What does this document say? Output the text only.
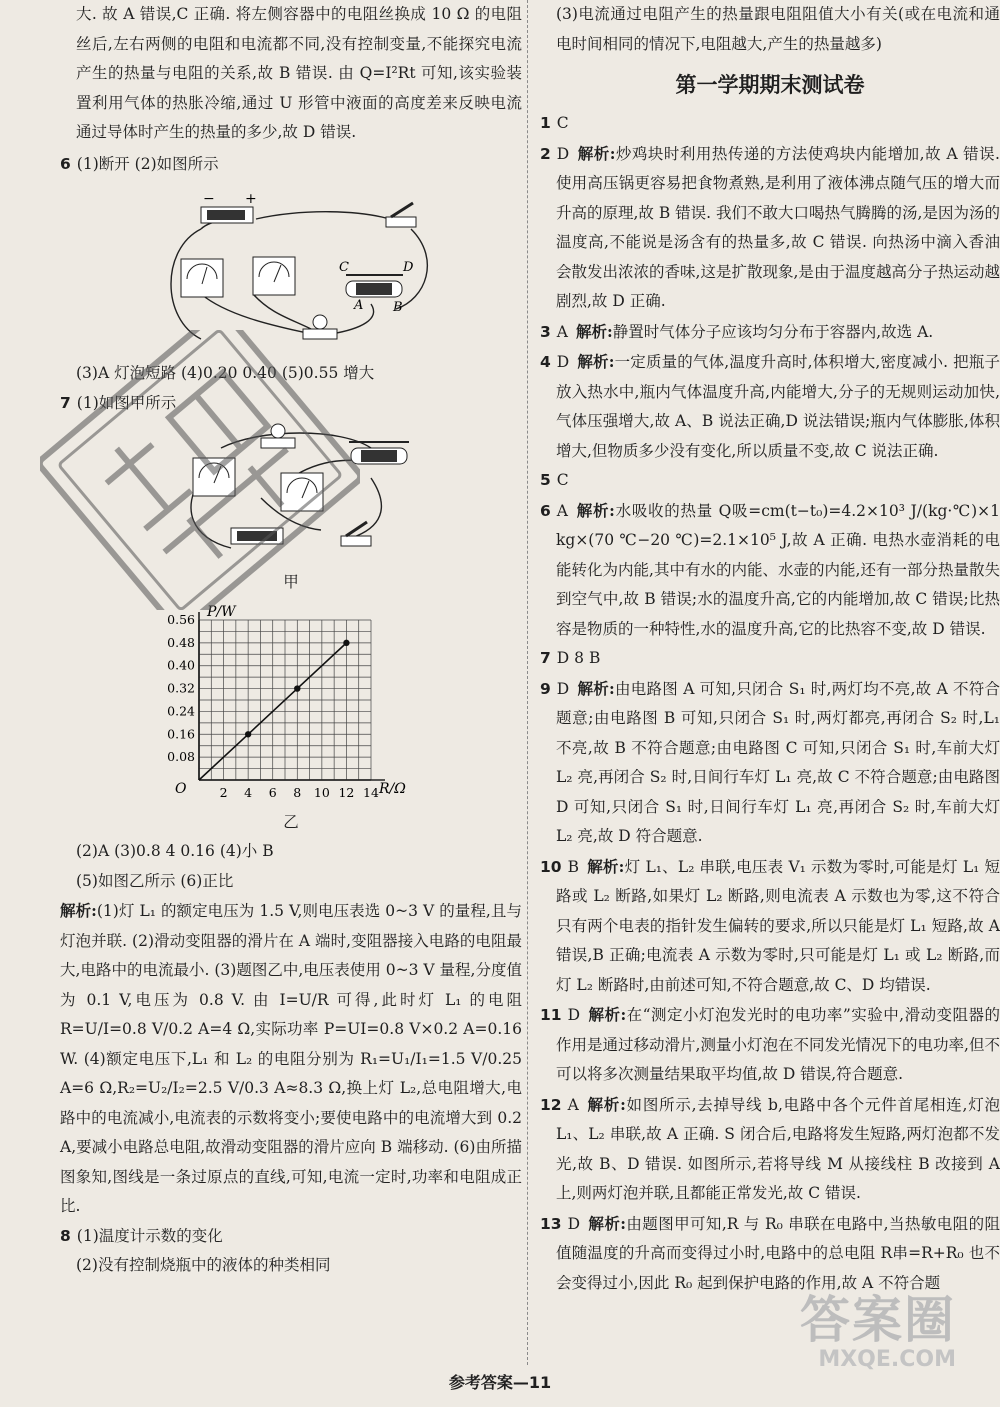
大. 故 A 错误,C 正确. 将左侧容器中的电阻丝换成 10 Ω 的电阻丝后,左右两侧的电阻和电流都不同,没有控制变量,不能探究电流产生的热量与电阻的关系,故 B 错误. 由 Q=I²Rt 可知,该实验装置利用气体的热胀冷缩,通过 U 形管中液面的高度差来反映电流通过导体时产生的热量的多少,故 D 错误.

6 (1)断开 (2)如图所示

C	D
A B
− +

(3)A 灯泡短路 (4)0.20 0.40 (5)0.55 增大

7 (1)如图甲所示

甲

2 4 6 8 10 12 14
0.08
0.16
0.24
0.32
0.40
0.48
0.56 P/W
R/Ω
O

乙

(2)A (3)0.8 4 0.16 (4)小 B

(5)如图乙所示 (6)正比

解析:(1)灯 L₁ 的额定电压为 1.5 V,则电压表选 0~3 V 的量程,且与灯泡并联. (2)滑动变阻器的滑片在 A 端时,变阻器接入电路的电阻最大,电路中的电流最小. (3)题图乙中,电压表使用 0~3 V 量程,分度值为 0.1 V,电压为 0.8 V. 由 I=U/R 可得,此时灯 L₁ 的电阻 R=U/I=0.8 V/0.2 A=4 Ω,实际功率 P=UI=0.8 V×0.2 A=0.16 W. (4)额定电压下,L₁ 和 L₂ 的电阻分别为 R₁=U₁/I₁=1.5 V/0.25 A=6 Ω,R₂=U₂/I₂=2.5 V/0.3 A≈8.3 Ω,换上灯 L₂,总电阻增大,电路中的电流减小,电流表的示数将变小;要使电路中的电流增大到 0.2 A,要减小电路总电阻,故滑动变阻器的滑片应向 B 端移动. (6)由所描图象知,图线是一条过原点的直线,可知,电流一定时,功率和电阻成正比.

8 (1)温度计示数的变化

(2)没有控制烧瓶中的液体的种类相同

(3)电流通过电阻产生的热量跟电阻阻值大小有关(或在电流和通电时间相同的情况下,电阻越大,产生的热量越多)

第一学期期末测试卷

1 C

2 D 解析:炒鸡块时利用热传递的方法使鸡块内能增加,故 A 错误. 使用高压锅更容易把食物煮熟,是利用了液体沸点随气压的增大而升高的原理,故 B 错误. 我们不敢大口喝热气腾腾的汤,是因为汤的温度高,不能说是汤含有的热量多,故 C 错误. 向热汤中滴入香油会散发出浓浓的香味,这是扩散现象,是由于温度越高分子热运动越剧烈,故 D 正确.

3 A 解析:静置时气体分子应该均匀分布于容器内,故选 A.

4 D 解析:一定质量的气体,温度升高时,体积增大,密度减小. 把瓶子放入热水中,瓶内气体温度升高,内能增大,分子的无规则运动加快,气体压强增大,故 A、B 说法正确,D 说法错误;瓶内气体膨胀,体积增大,但物质多少没有变化,所以质量不变,故 C 说法正确.

5 C

6 A 解析:水吸收的热量 Q吸=cm(t−t₀)=4.2×10³ J/(kg·℃)×1 kg×(70 ℃−20 ℃)=2.1×10⁵ J,故 A 正确. 电热水壶消耗的电能转化为内能,其中有水的内能、水壶的内能,还有一部分热量散失到空气中,故 B 错误;水的温度升高,它的内能增加,故 C 错误;比热容是物质的一种特性,水的温度升高,它的比热容不变,故 D 错误.

7 D 8 B

9 D 解析:由电路图 A 可知,只闭合 S₁ 时,两灯均不亮,故 A 不符合题意;由电路图 B 可知,只闭合 S₁ 时,两灯都亮,再闭合 S₂ 时,L₁ 不亮,故 B 不符合题意;由电路图 C 可知,只闭合 S₁ 时,车前大灯 L₂ 亮,再闭合 S₂ 时,日间行车灯 L₁ 亮,故 C 不符合题意;由电路图 D 可知,只闭合 S₁ 时,日间行车灯 L₁ 亮,再闭合 S₂ 时,车前大灯 L₂ 亮,故 D 符合题意.

10 B 解析:灯 L₁、L₂ 串联,电压表 V₁ 示数为零时,可能是灯 L₁ 短路或 L₂ 断路,如果灯 L₂ 断路,则电流表 A 示数也为零,这不符合只有两个电表的指针发生偏转的要求,所以只能是灯 L₁ 短路,故 A 错误,B 正确;电流表 A 示数为零时,只可能是灯 L₁ 或 L₂ 断路,而灯 L₂ 断路时,由前述可知,不符合题意,故 C、D 均错误.

11 D 解析:在“测定小灯泡发光时的电功率”实验中,滑动变阻器的作用是通过移动滑片,测量小灯泡在不同发光情况下的电功率,但不可以将多次测量结果取平均值,故 D 错误,符合题意.

12 A 解析:如图所示,去掉导线 b,电路中各个元件首尾相连,灯泡 L₁、L₂ 串联,故 A 正确. S 闭合后,电路将发生短路,两灯泡都不发光,故 B、D 错误. 如图所示,若将导线 M 从接线柱 B 改接到 A 上,则两灯泡并联,且都能正常发光,故 C 错误.

13 D 解析:由题图甲可知,R 与 R₀ 串联在电路中,当热敏电阻的阻值随温度的升高而变得过小时,电路中的总电阻 R串=R+R₀ 也不会变得过小,因此 R₀ 起到保护电路的作用,故 A 不符合题

答案圈
MXQE.COM
参考答案—11
